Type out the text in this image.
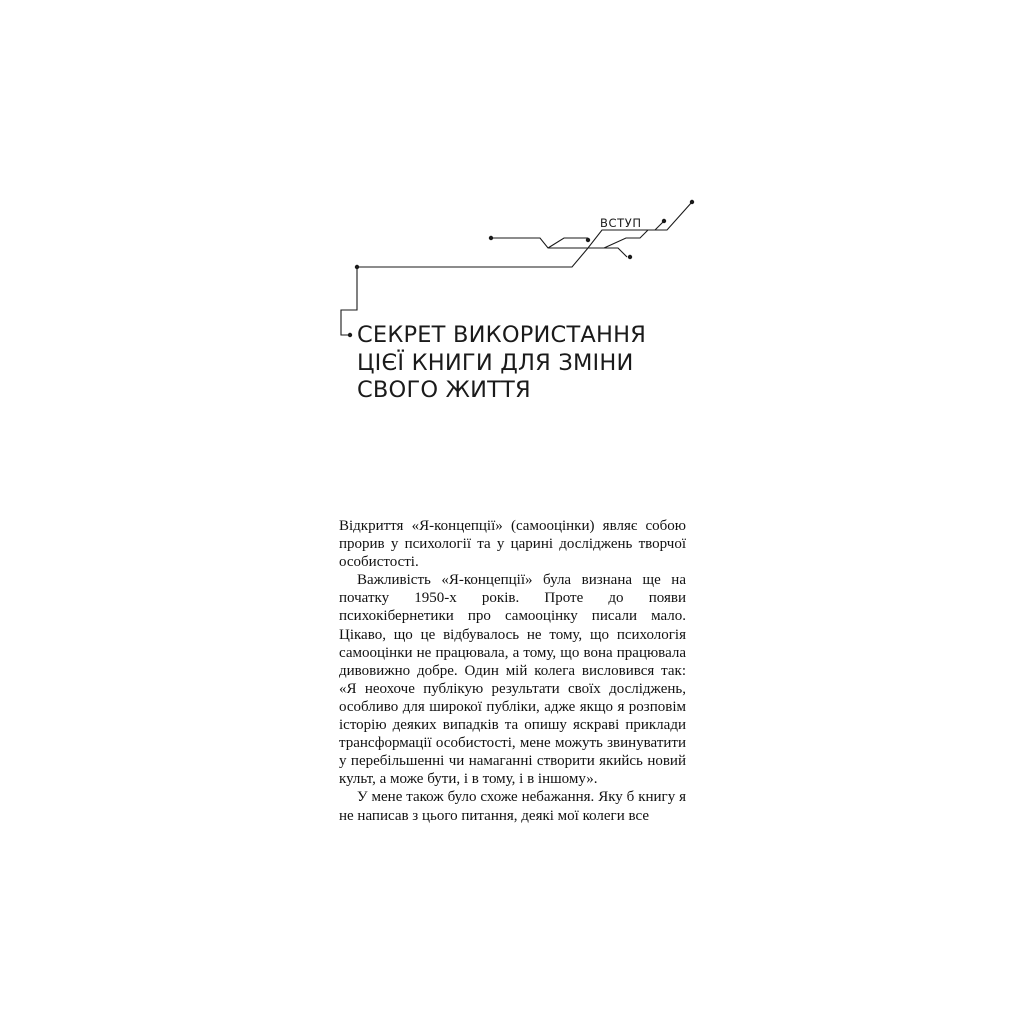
ВСТУП
СЕКРЕТ ВИКОРИСТАННЯ
ЦІЄЇ КНИГИ ДЛЯ ЗМІНИ
СВОГО ЖИТТЯ

Відкриття «Я-концепції» (самооцінки) являє собою прорив у психології та у царині досліджень творчої особистості.

Важливість «Я-концепції» була визнана ще на початку 1950-х років. Проте до появи психокібернетики про самооцінку писали мало. Цікаво, що це відбувалось не тому, що психологія самооцінки не працювала, а тому, що вона працювала дивовижно добре. Один мій колега висловився так: «Я неохоче публікую результати своїх досліджень, особливо для широкої публіки, адже якщо я розповім історію деяких випадків та опишу яскраві приклади трансформації особистості, мене можуть звинуватити у перебільшенні чи намаганні створити якийсь новий культ, а може бути, і в тому, і в іншому».

У мене також було схоже небажання. Яку б книгу я не написав з цього питання, деякі мої колеги все
